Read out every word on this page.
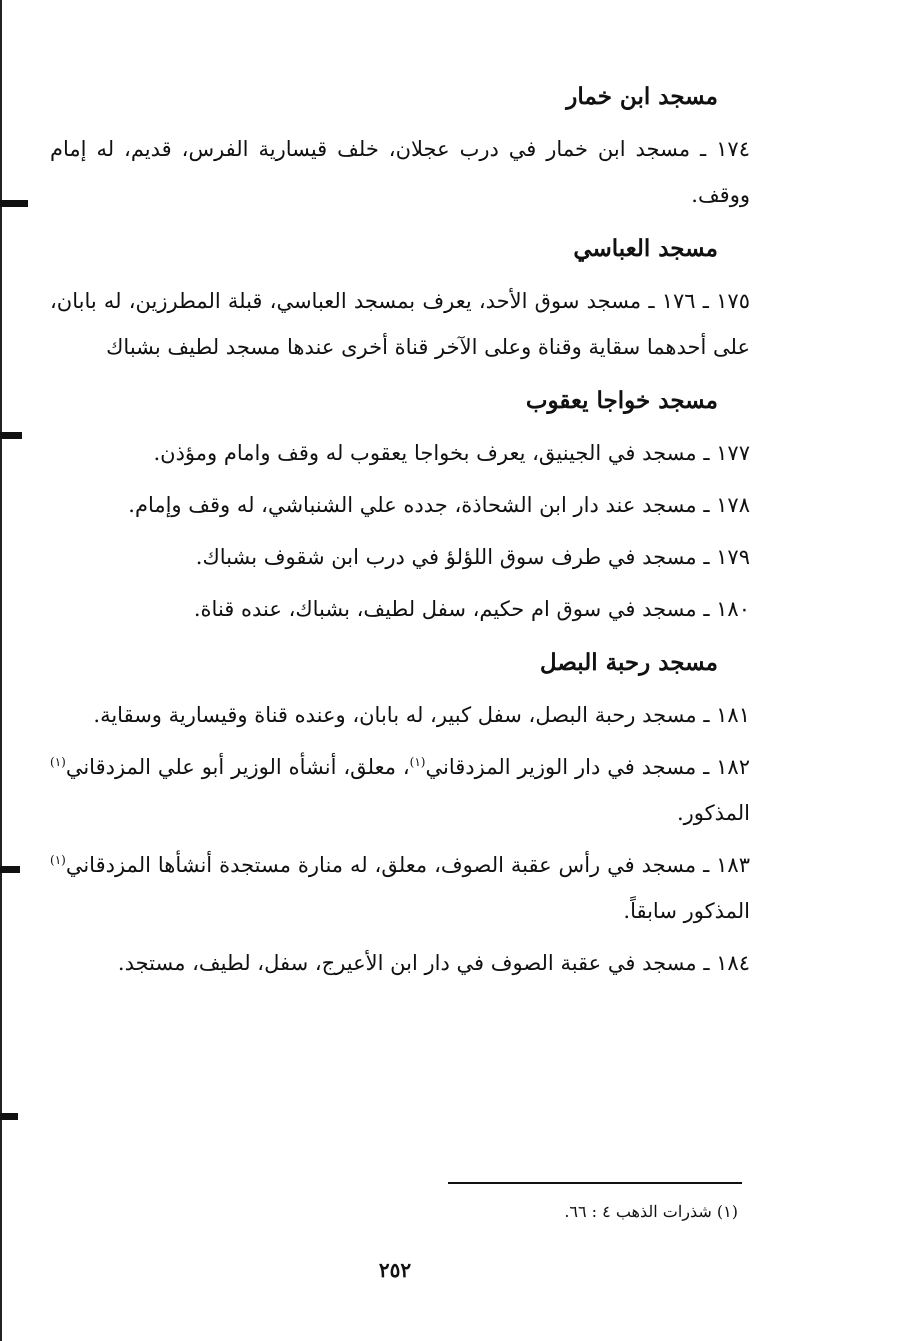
مسجد ابن خمار

١٧٤ ـ مسجد ابن خمار في درب عجلان، خلف قيسارية الفرس، قديم، له إمام ووقف.

مسجد العباسي

١٧٥ ـ ١٧٦ ـ مسجد سوق الأحد، يعرف بمسجد العباسي، قبلة المطرزين، له بابان، على أحدهما سقاية وقناة وعلى الآخر قناة أخرى عندها مسجد لطيف بشباك

مسجد خواجا يعقوب

١٧٧ ـ مسجد في الجينيق، يعرف بخواجا يعقوب له وقف وامام ومؤذن.

١٧٨ ـ مسجد عند دار ابن الشحاذة، جدده علي الشنباشي، له وقف وإمام.

١٧٩ ـ مسجد في طرف سوق اللؤلؤ في درب ابن شقوف بشباك.

١٨٠ ـ مسجد في سوق ام حكيم، سفل لطيف، بشباك، عنده قناة.

مسجد رحبة البصل

١٨١ ـ مسجد رحبة البصل، سفل كبير، له بابان، وعنده قناة وقيسارية وسقاية.

١٨٢ ـ مسجد في دار الوزير المزدقاني$^{(١)}$، معلق، أنشأه الوزير أبو علي المزدقاني$^{(١)}$ المذكور.

١٨٣ ـ مسجد في رأس عقبة الصوف، معلق، له منارة مستجدة أنشأها المزدقاني$^{(١)}$ المذكور سابقاً.

١٨٤ ـ مسجد في عقبة الصوف في دار ابن الأعيرج، سفل، لطيف، مستجد.

(١) شذرات الذهب ٤ : ٦٦.
٢٥٢
